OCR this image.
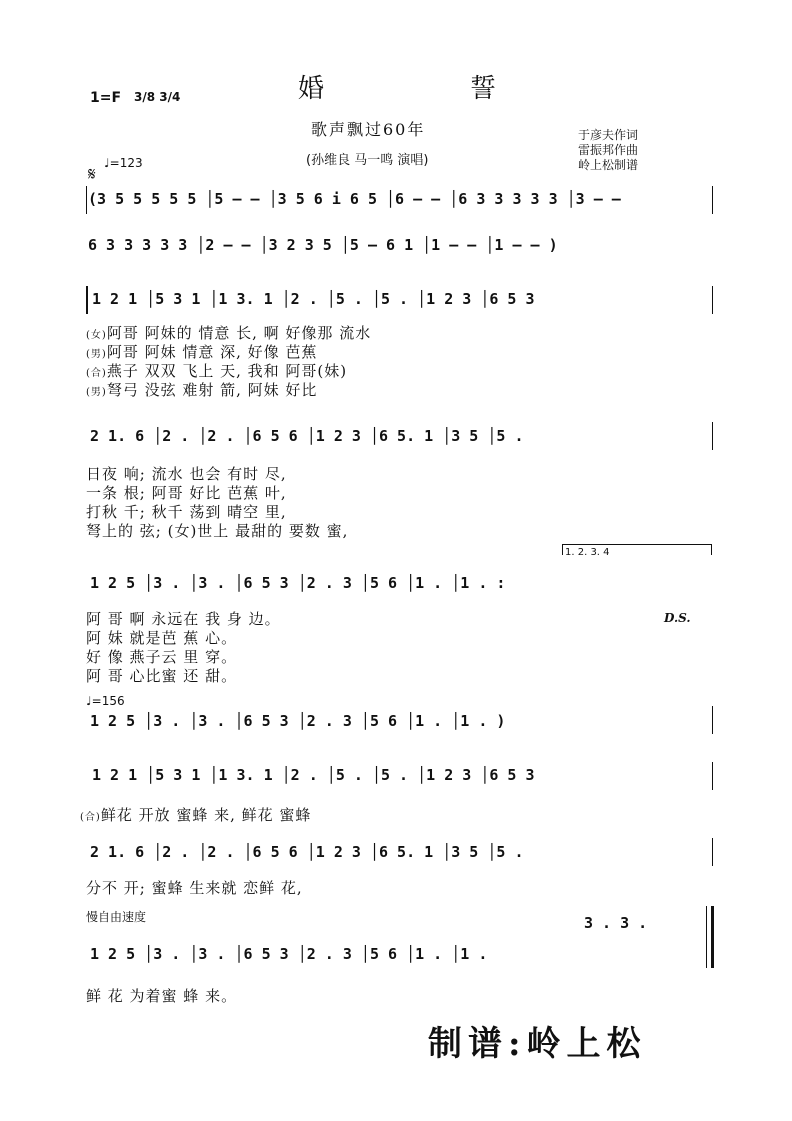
1=F 3/8 3/4	婚	誓
歌声飘过60年
(孙维良 马一鸣 演唱)
于彦夫作词
雷振邦作曲
岭上松制谱
♩=123
𝄋
(3 5 5 5 5 5 │5 – – │3 5 6 i 6 5 │6 – – │6 3 3 3 3 3 │3 – –
6 3 3 3 3 3 │2 – – │3 2 3 5 │5 – 6 1 │1 – – │1 – – )
1 2 1 │5 3 1 │1 3. 1 │2 . │5 . │5 . │1 2 3 │6 5 3
(女)阿哥 阿妹的 情意 长, 啊 好像那 流水
(男)阿哥 阿妹 情意 深, 好像 芭蕉
(合)燕子 双双 飞上 天, 我和 阿哥(妹)
(男)弩弓 没弦 难射 箭, 阿妹 好比
2 1. 6 │2 . │2 . │6 5 6 │1 2 3 │6 5. 1 │3 5 │5 .
日夜 响; 流水 也会 有时 尽,
一条 根; 阿哥 好比 芭蕉 叶,
打秋 千; 秋千 荡到 晴空 里,
弩上的 弦; (女)世上 最甜的 要数 蜜,
1. 2. 3. 4
1 2 5 │3 . │3 . │6 5 3 │2 . 3 │5 6 │1 . │1 . :
D.S.
阿 哥 啊 永远在 我 身 边。
阿 妹 就是芭 蕉 心。
好 像 燕子云 里 穿。
阿 哥 心比蜜 还 甜。
♩=156
1 2 5 │3 . │3 . │6 5 3 │2 . 3 │5 6 │1 . │1 . )
1 2 1 │5 3 1 │1 3. 1 │2 . │5 . │5 . │1 2 3 │6 5 3
(合)鲜花 开放 蜜蜂 来, 鲜花 蜜蜂
2 1. 6 │2 . │2 . │6 5 6 │1 2 3 │6 5. 1 │3 5 │5 .
分不 开; 蜜蜂 生来就 恋鲜 花,
慢自由速度	3 . 3 .
1 2 5 │3 . │3 . │6 5 3 │2 . 3 │5 6 │1 . │1 .
鲜 花 为着蜜 蜂 来。
制谱:岭上松
